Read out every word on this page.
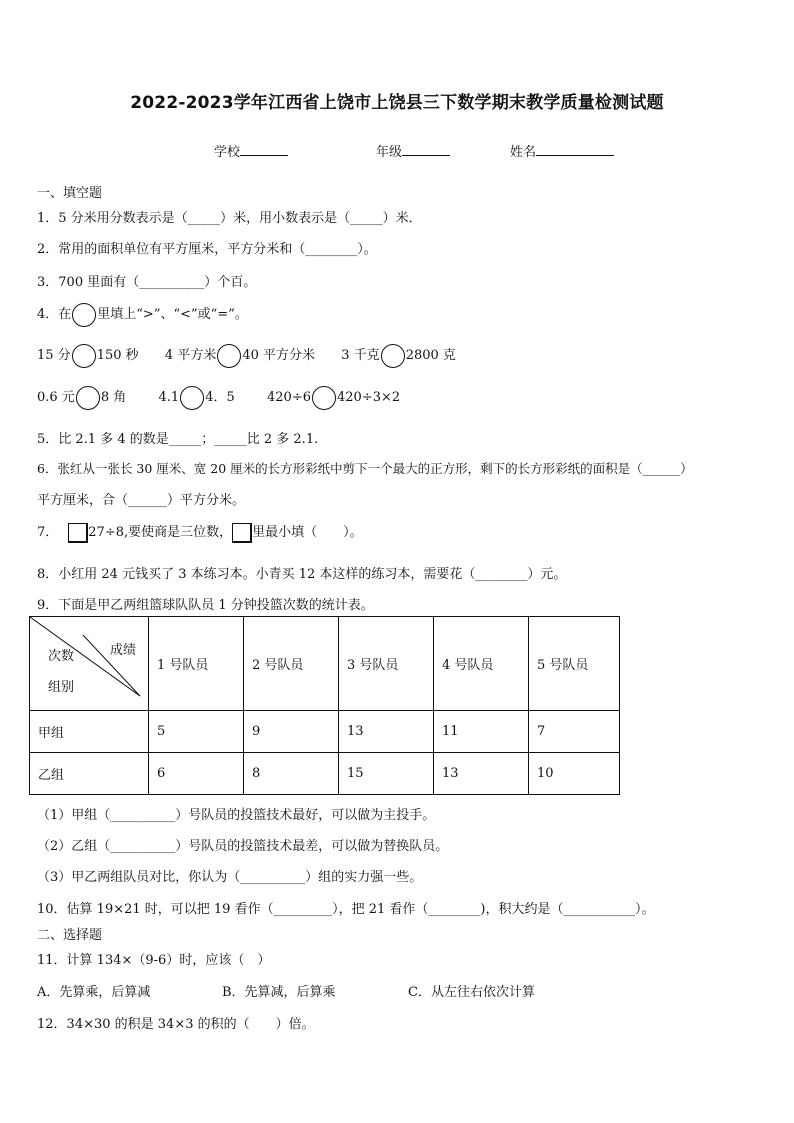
2022-2023学年江西省上饶市上饶县三下数学期末教学质量检测试题
学校	年级	姓名
一、填空题
1．5 分米用分数表示是（_____）米，用小数表示是（_____）米．
2．常用的面积单位有平方厘米，平方分米和（________）。
3．700 里面有（__________）个百。
4．在 里填上“>”、“<”或“=”。
15 分 150 秒 4 平方米 40 平方分米 3 千克 2800 克
0.6 元 8 角 4.1 4．5 420÷6 420÷3×2
5．比 2.1 多 4 的数是_____；_____比 2 多 2.1.
6．张红从一张长 30 厘米、宽 20 厘米的长方形彩纸中剪下一个最大的正方形，剩下的长方形彩纸的面积是（______）
平方厘米，合（______）平方分米。
7． 27÷8,要使商是三位数， 里最小填（　　）。
8．小红用 24 元钱买了 3 本练习本。小青买 12 本这样的练习本，需要花（________）元。
9．下面是甲乙两组篮球队队员 1 分钟投篮次数的统计表。
成绩
次数
组别	1 号队员	2 号队员	3 号队员	4 号队员	5 号队员
甲组	5	9	13	11	7
乙组	6	8	15	13	10
（1）甲组（__________）号队员的投篮技术最好，可以做为主投手。
（2）乙组（__________）号队员的投篮技术最差，可以做为替换队员。
（3）甲乙两组队员对比，你认为（__________）组的实力强一些。
10．估算 19×21 时，可以把 19 看作（_________），把 21 看作（________)，积大约是（___________）。
二、选择题
11．计算 134×（9-6）时，应该（　）
A．先算乘，后算减	B．先算减，后算乘	C．从左往右依次计算
12．34×30 的积是 34×3 的积的（　　）倍。
